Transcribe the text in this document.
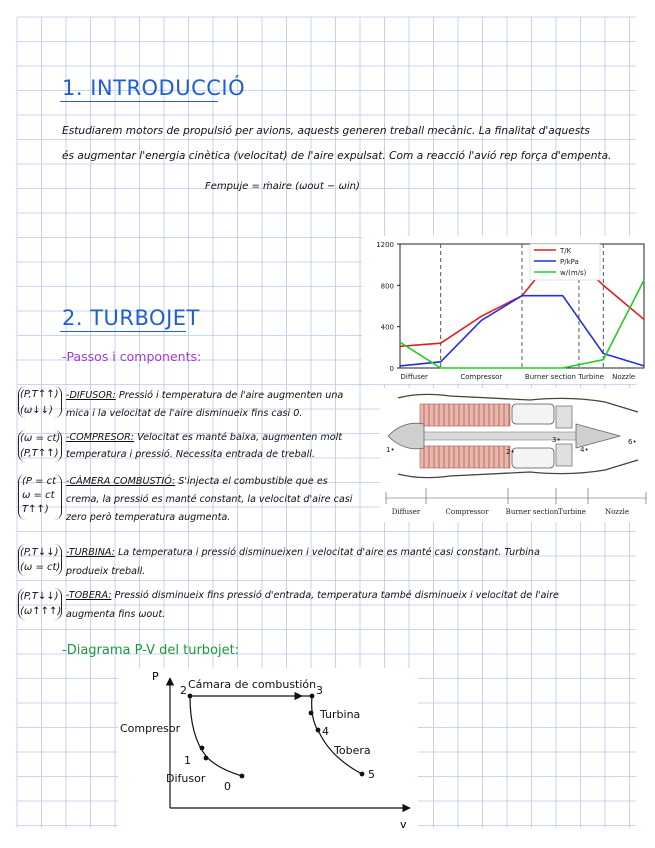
1. INTRODUCCIÓ
Estudiarem motors de propulsió per avions, aquests generen treball mecànic. La finalitat d'aquests
és augmentar l'energia cinètica (velocitat) de l'aire expulsat. Com a reacció l'avió rep força d'empenta.
Fempuje = ṁaire (ωout − ωin)
0
400
800
1200
Diffuser	Compressor	Burner section Turbine Nozzle
T/K
P/kPa
w/(m/s)
1•	2•
3•
4•
6•
Diffuser	Compressor Burner section Turbine	Nozzle
2. TURBOJET
-Passos i components:
(P,T↑↑)
(ω↓↓)
-DIFUSOR: Pressió i temperatura de l'aire augmenten una
mica i la velocitat de l'aire disminueix fins casi 0.
(ω = ct)
(P,T↑↑)
-COMPRESOR: Velocitat es manté baixa, augmenten molt
temperatura i pressió. Necessita entrada de treball.
(P = ct
ω = ct
T↑↑)
-CÀMERA COMBUSTIÓ: S'injecta el combustible que es
crema, la pressió es manté constant, la velocitat d'aire casi
zero però temperatura augmenta.
(P,T↓↓)
(ω = ct)
-TURBINA: La temperatura i pressió disminueixen i velocitat d'aire es manté casi constant. Turbina
produeix treball.
(P,T↓↓)
(ω↑↑↑)
-TOBERA: Pressió disminueix fins pressió d'entrada, temperatura també disminueix i velocitat de l'aire
augmenta fins ωout.
-Diagrama P-V del turbojet:
P
v
2 Cámara de combustión 3
Compresor
Turbina
4
1
Tobera
Difusor
0
5
